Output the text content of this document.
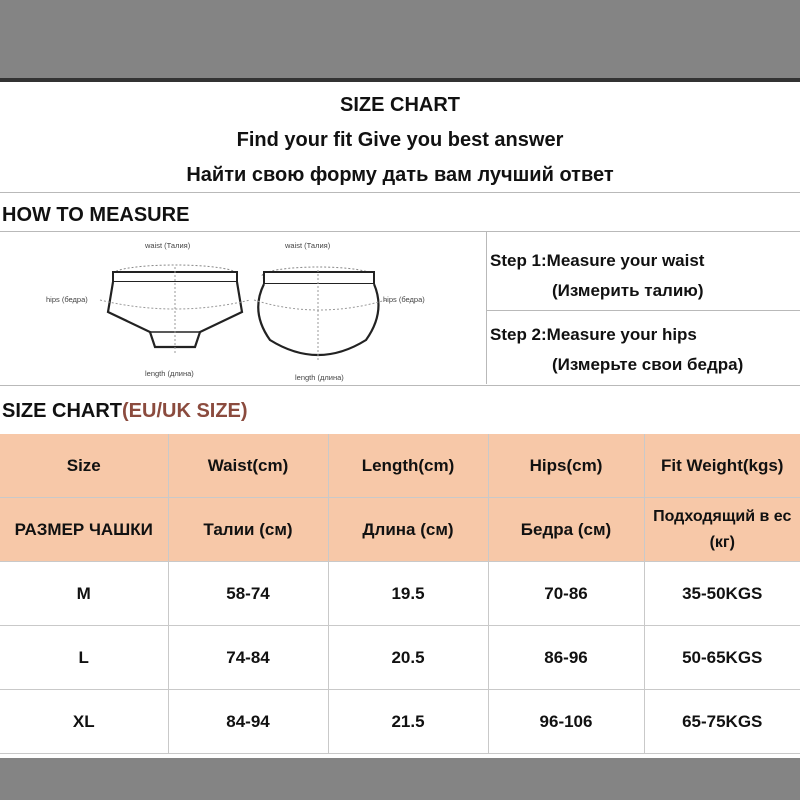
SIZE CHART
Find your fit Give you best answer
Найти свою форму дать вам лучший ответ
HOW TO MEASURE
waist (Талия)
hips (бедра)
length (длина)
waist (Талия)
hips (бедра)
length (длина)
Step 1:Measure your waist
(Измерить талию)
Step 2:Measure your hips
(Измерьте свои бедра)
SIZE CHART(EU/UK SIZE)
Size	Waist(cm)	Length(cm)	Hips(cm)	Fit Weight(kgs)
РАЗМЕР ЧАШКИ	Талии (см)	Длина (см)	Бедра (см)	Подходящий в ес (кг)
M	58-74	19.5	70-86	35-50KGS
L	74-84	20.5	86-96	50-65KGS
XL	84-94	21.5	96-106	65-75KGS
